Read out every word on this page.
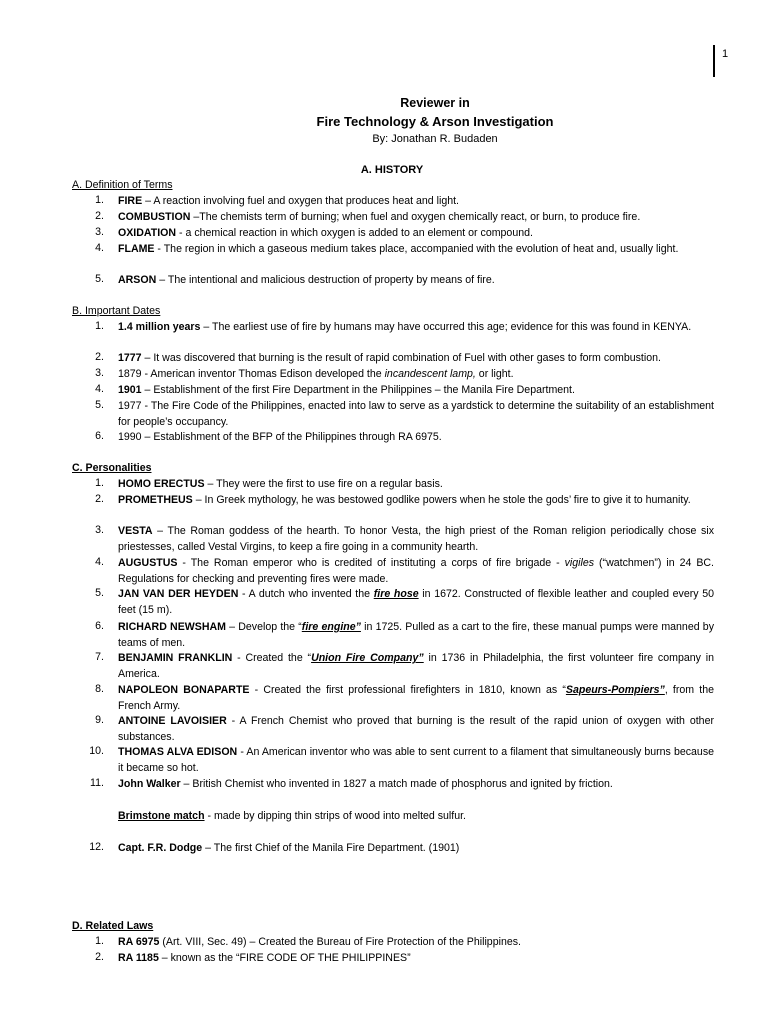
1
Reviewer in
Fire Technology & Arson Investigation
By: Jonathan R. Budaden
A. HISTORY
A. Definition of Terms
1. FIRE – A reaction involving fuel and oxygen that produces heat and light.
2. COMBUSTION –The chemists term of burning; when fuel and oxygen chemically react, or burn, to produce fire.
3. OXIDATION - a chemical reaction in which oxygen is added to an element or compound.
4. FLAME - The region in which a gaseous medium takes place, accompanied with the evolution of heat and, usually light.
5. ARSON – The intentional and malicious destruction of property by means of fire.
B. Important Dates
1. 1.4 million years – The earliest use of fire by humans may have occurred this age; evidence for this was found in KENYA.
2. 1777 – It was discovered that burning is the result of rapid combination of Fuel with other gases to form combustion.
3. 1879 - American inventor Thomas Edison developed the incandescent lamp, or light.
4. 1901 – Establishment of the first Fire Department in the Philippines – the Manila Fire Department.
5. 1977 - The Fire Code of the Philippines, enacted into law to serve as a yardstick to determine the suitability of an establishment for people’s occupancy.
6. 1990 – Establishment of the BFP of the Philippines through RA 6975.
C. Personalities
1. HOMO ERECTUS – They were the first to use fire on a regular basis.
2. PROMETHEUS – In Greek mythology, he was bestowed godlike powers when he stole the gods’ fire to give it to humanity.
3. VESTA – The Roman goddess of the hearth. To honor Vesta, the high priest of the Roman religion periodically chose six priestesses, called Vestal Virgins, to keep a fire going in a community hearth.
4. AUGUSTUS - The Roman emperor who is credited of instituting a corps of fire brigade - vigiles (“watchmen”) in 24 BC. Regulations for checking and preventing fires were made.
5. JAN VAN DER HEYDEN - A dutch who invented the fire hose in 1672. Constructed of flexible leather and coupled every 50 feet (15 m).
6. RICHARD NEWSHAM – Develop the “fire engine” in 1725. Pulled as a cart to the fire, these manual pumps were manned by teams of men.
7. BENJAMIN FRANKLIN - Created the “Union Fire Company” in 1736 in Philadelphia, the first volunteer fire company in America.
8. NAPOLEON BONAPARTE - Created the first professional firefighters in 1810, known as “Sapeurs-Pompiers”, from the French Army.
9. ANTOINE LAVOISIER - A French Chemist who proved that burning is the result of the rapid union of oxygen with other substances.
10. THOMAS ALVA EDISON - An American inventor who was able to sent current to a filament that simultaneously burns because it became so hot.
11. John Walker – British Chemist who invented in 1827 a match made of phosphorus and ignited by friction.
Brimstone match - made by dipping thin strips of wood into melted sulfur.
12. Capt. F.R. Dodge – The first Chief of the Manila Fire Department. (1901)
D. Related Laws
1. RA 6975 (Art. VIII, Sec. 49) – Created the Bureau of Fire Protection of the Philippines.
2. RA 1185 – known as the “FIRE CODE OF THE PHILIPPINES”
